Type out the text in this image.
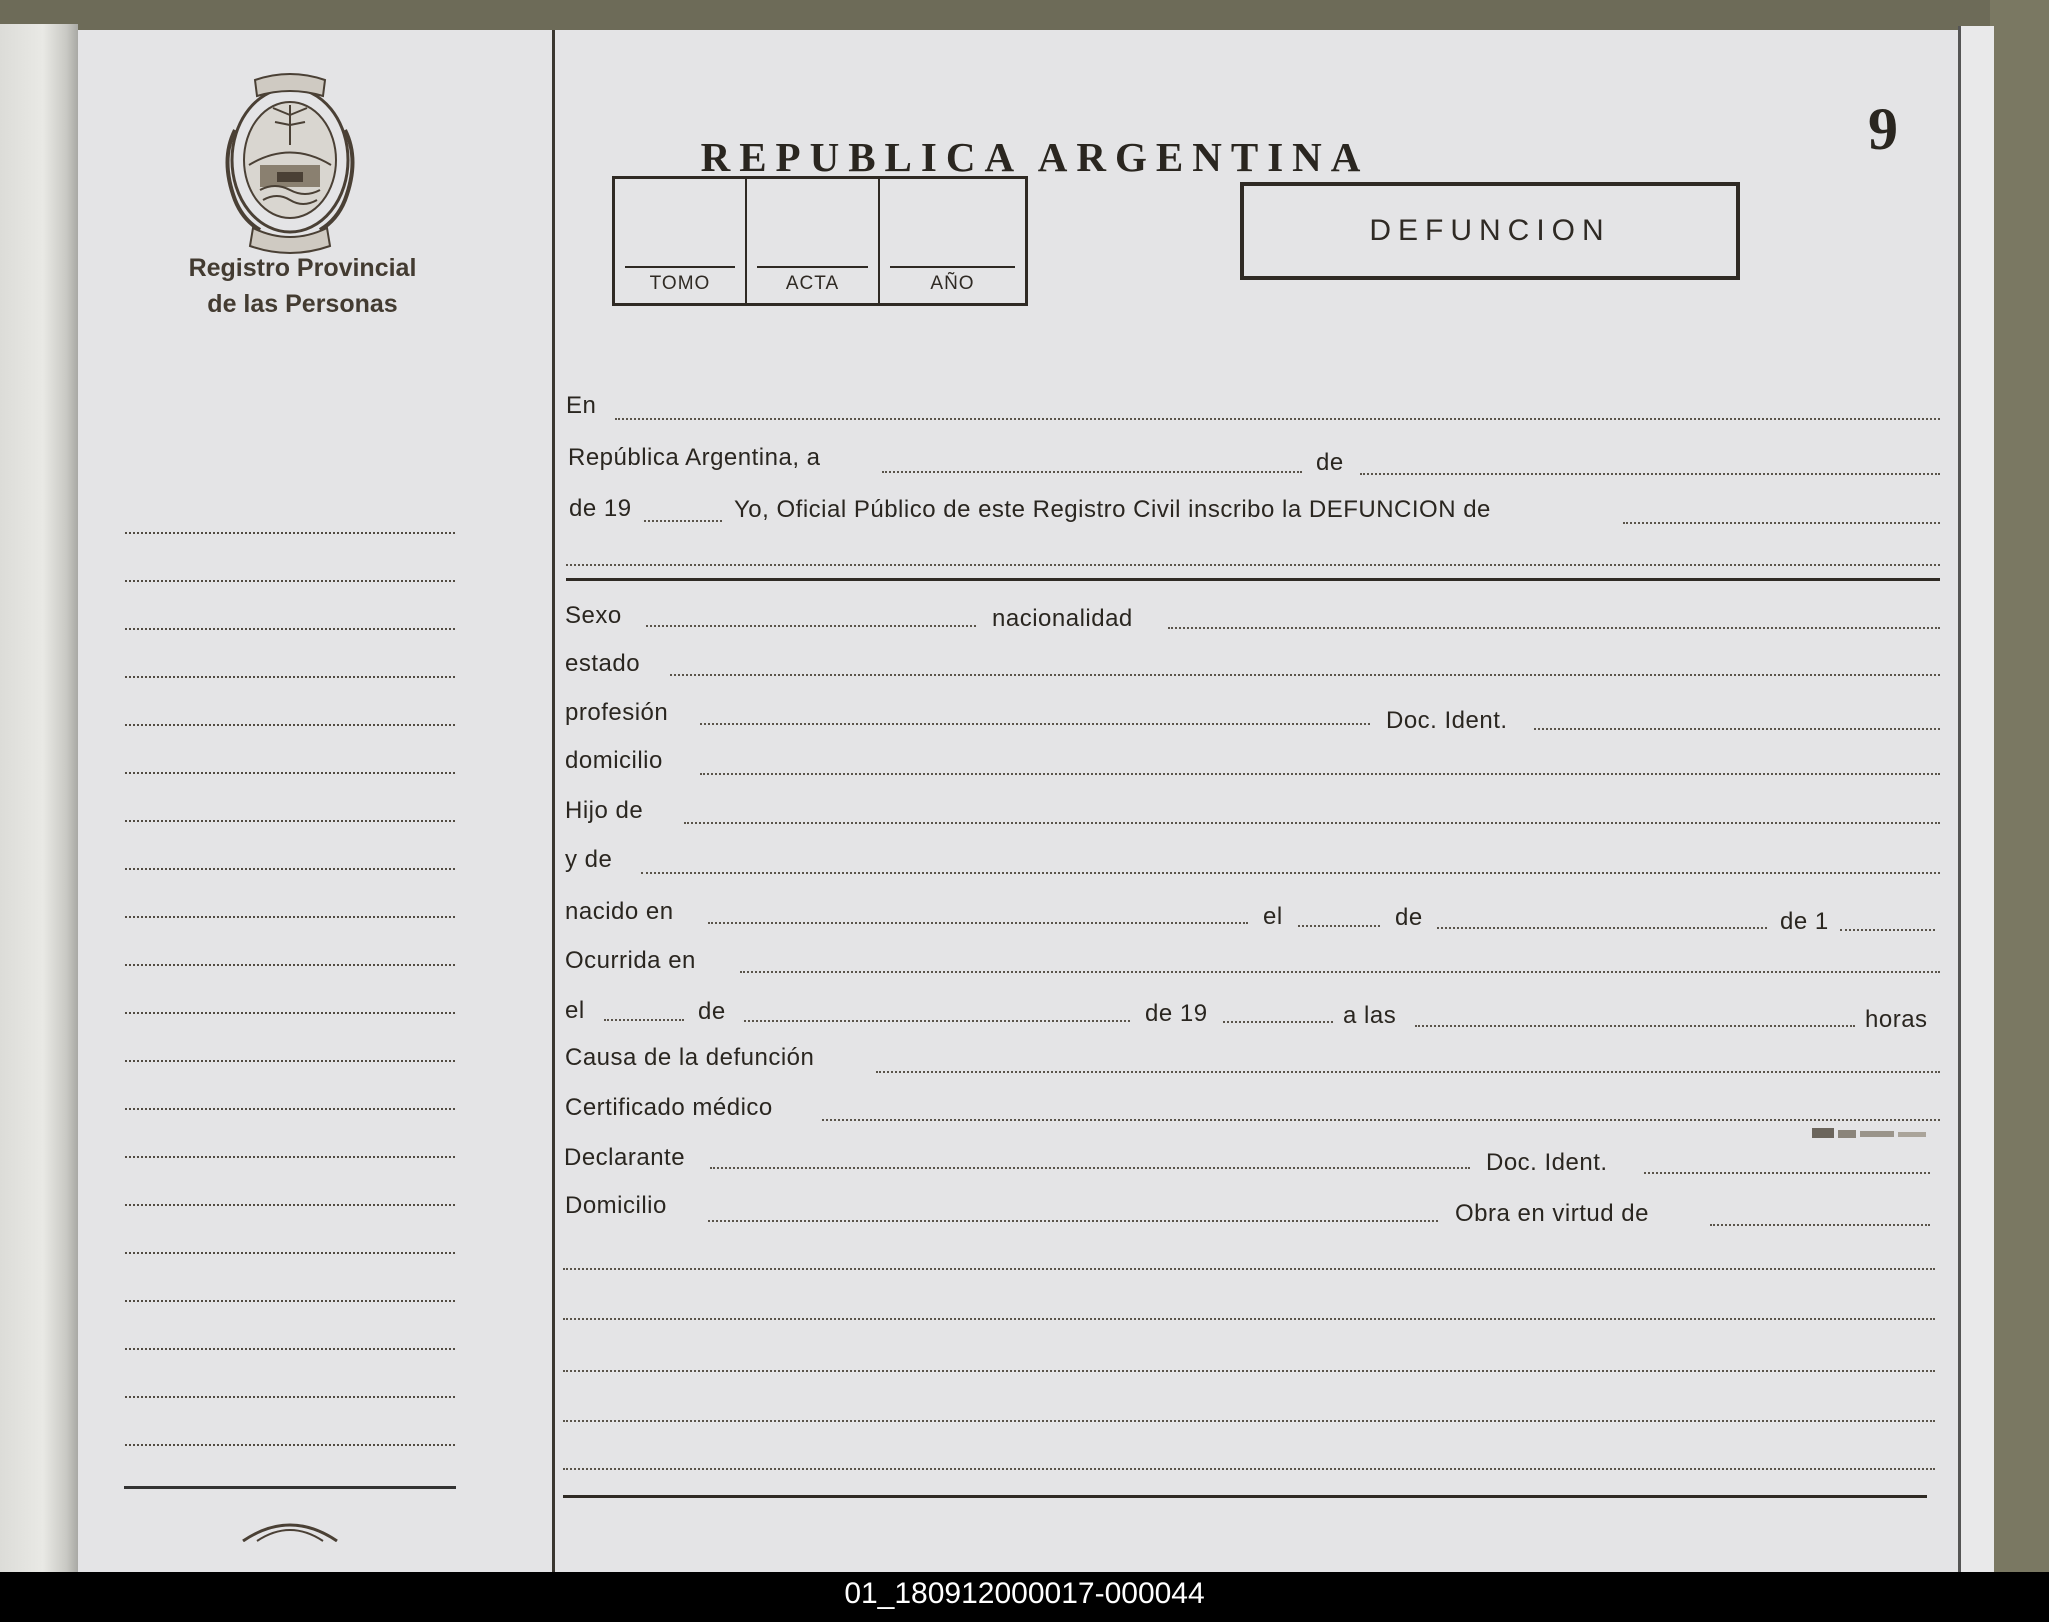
Registro Provincial
de las Personas
REPUBLICA ARGENTINA	9
TOMO	ACTA	AÑO
DEFUNCION
En
República Argentina, a	de
de 19	Yo, Oficial Público de este Registro Civil inscribo la DEFUNCION de
Sexo	nacionalidad
estado
profesión	Doc. Ident.
domicilio
Hijo de
y de
nacido en	el	de	de 1
Ocurrida en
el	de	de 19	a las	horas
Causa de la defunción
Certificado médico
Declarante	Doc. Ident.
Domicilio	Obra en virtud de
01_180912000017-000044
